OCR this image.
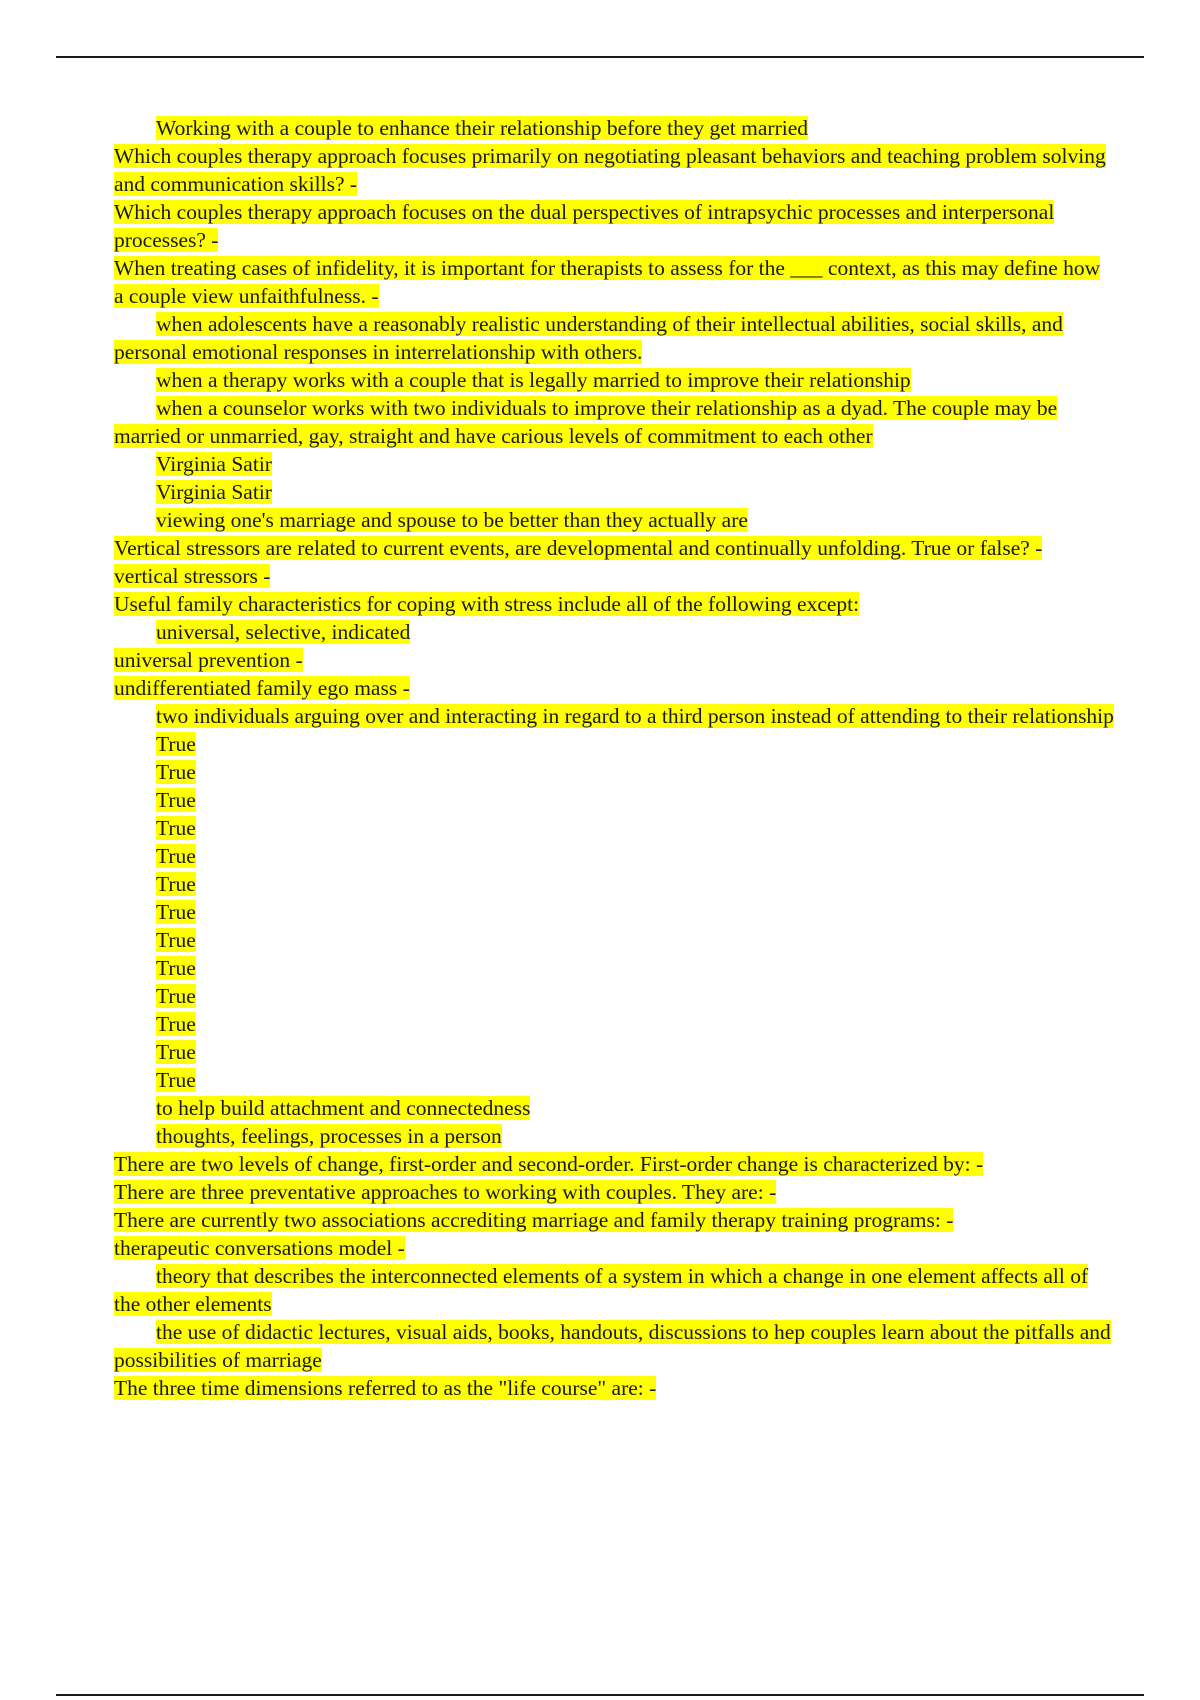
Working with a couple to enhance their relationship before they get married

Which couples therapy approach focuses primarily on negotiating pleasant behaviors and teaching problem solving and communication skills? -

Which couples therapy approach focuses on the dual perspectives of intrapsychic processes and interpersonal processes? -

When treating cases of infidelity, it is important for therapists to assess for the ___ context, as this may define how a couple view unfaithfulness. -

when adolescents have a reasonably realistic understanding of their intellectual abilities, social skills, and personal emotional responses in interrelationship with others.

when a therapy works with a couple that is legally married to improve their relationship

when a counselor works with two individuals to improve their relationship as a dyad. The couple may be married or unmarried, gay, straight and have carious levels of commitment to each other

Virginia Satir

Virginia Satir

viewing one's marriage and spouse to be better than they actually are

Vertical stressors are related to current events, are developmental and continually unfolding. True or false? -

vertical stressors -

Useful family characteristics for coping with stress include all of the following except:

universal, selective, indicated

universal prevention -

undifferentiated family ego mass -

two individuals arguing over and interacting in regard to a third person instead of attending to their relationship

True

True

True

True

True

True

True

True

True

True

True

True

True

to help build attachment and connectedness

thoughts, feelings, processes in a person

There are two levels of change, first-order and second-order. First-order change is characterized by: -

There are three preventative approaches to working with couples. They are: -

There are currently two associations accrediting marriage and family therapy training programs: -

therapeutic conversations model -

theory that describes the interconnected elements of a system in which a change in one element affects all of the other elements

the use of didactic lectures, visual aids, books, handouts, discussions to hep couples learn about the pitfalls and possibilities of marriage

The three time dimensions referred to as the "life course" are: -
